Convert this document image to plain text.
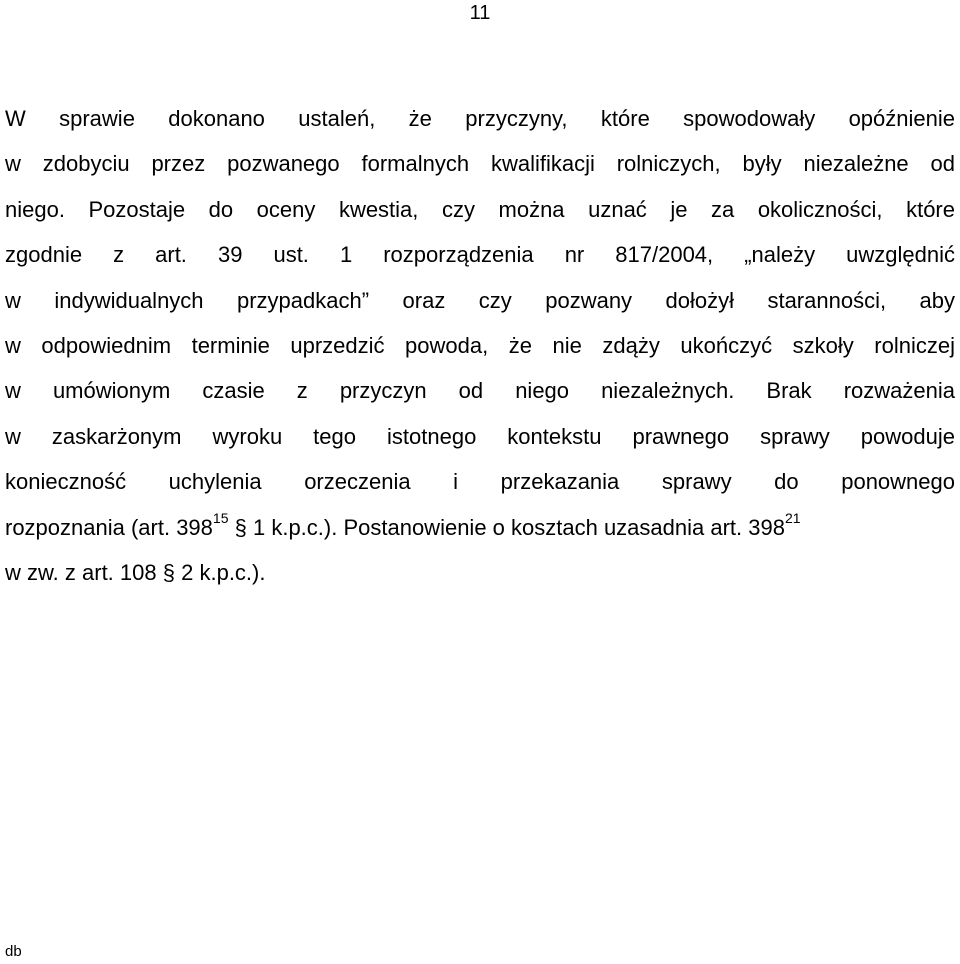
11
W sprawie dokonano ustaleń, że przyczyny, które spowodowały opóźnienie
w zdobyciu przez pozwanego formalnych kwalifikacji rolniczych, były niezależne od
niego. Pozostaje do oceny kwestia, czy można uznać je za okoliczności, które
zgodnie z art. 39 ust. 1 rozporządzenia nr 817/2004, „należy uwzględnić
w indywidualnych przypadkach” oraz czy pozwany dołożył staranności, aby
w odpowiednim terminie uprzedzić powoda, że nie zdąży ukończyć szkoły rolniczej
w umówionym czasie z przyczyn od niego niezależnych. Brak rozważenia
w zaskarżonym wyroku tego istotnego kontekstu prawnego sprawy powoduje
konieczność uchylenia orzeczenia i przekazania sprawy do ponownego
rozpoznania (art. $398^{15}$ § 1 k.p.c.). Postanowienie o kosztach uzasadnia art. $398^{21}$
w zw. z art. 108 § 2 k.p.c.).
db
